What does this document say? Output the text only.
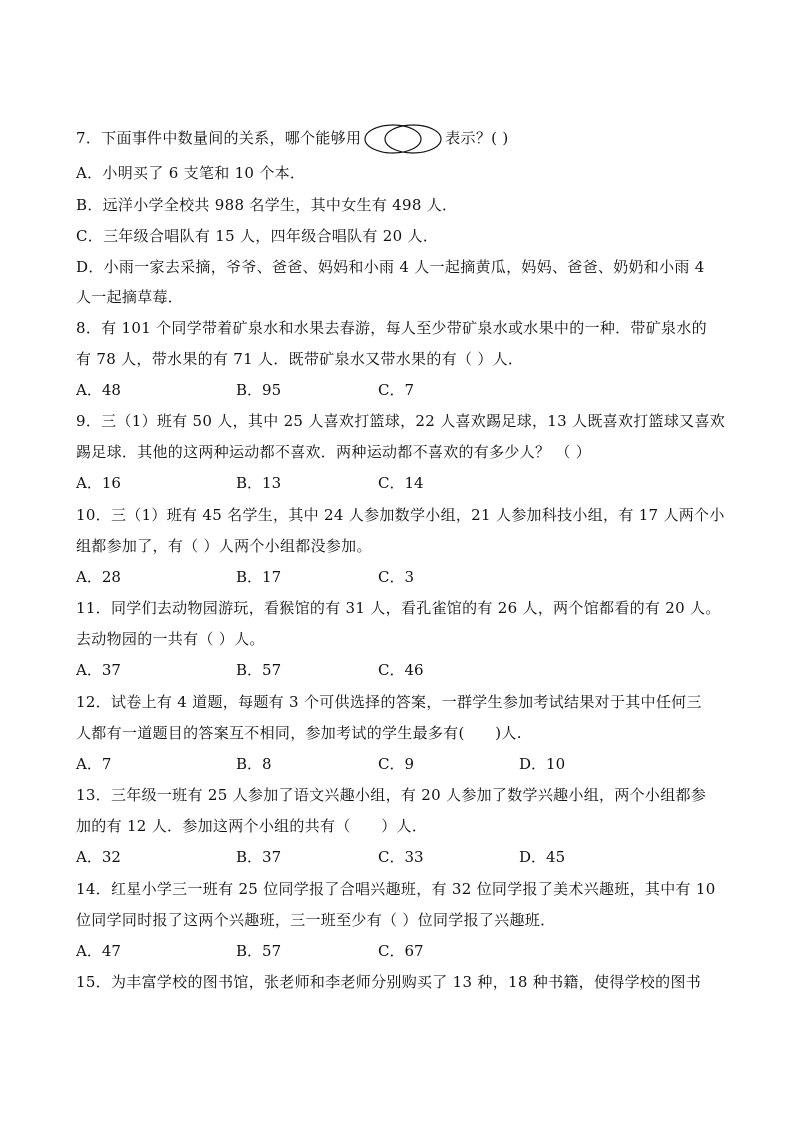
7．下面事件中数量间的关系，哪个能够用	表示？( )
A．小明买了 6 支笔和 10 个本．
B．远洋小学全校共 988 名学生，其中女生有 498 人．
C．三年级合唱队有 15 人，四年级合唱队有 20 人．
D．小雨一家去采摘，爷爷、爸爸、妈妈和小雨 4 人一起摘黄瓜，妈妈、爸爸、奶奶和小雨 4
人一起摘草莓．
8．有 101 个同学带着矿泉水和水果去春游，每人至少带矿泉水或水果中的一种．带矿泉水的
有 78 人，带水果的有 71 人．既带矿泉水又带水果的有（ ）人．
A．48	B．95	C．7
9．三（1）班有 50 人，其中 25 人喜欢打篮球，22 人喜欢踢足球，13 人既喜欢打篮球又喜欢
踢足球．其他的这两种运动都不喜欢．两种运动都不喜欢的有多少人？ （ ）
A．16	B．13	C．14
10．三（1）班有 45 名学生，其中 24 人参加数学小组，21 人参加科技小组，有 17 人两个小
组都参加了，有（ ）人两个小组都没参加。
A．28	B．17	C．3
11．同学们去动物园游玩，看猴馆的有 31 人，看孔雀馆的有 26 人，两个馆都看的有 20 人。
去动物园的一共有（ ）人。
A．37	B．57	C．46
12．试卷上有 4 道题，每题有 3 个可供选择的答案，一群学生参加考试结果对于其中任何三
人都有一道题目的答案互不相同，参加考试的学生最多有(　　)人.
A．7	B．8	C．9	D．10
13．三年级一班有 25 人参加了语文兴趣小组，有 20 人参加了数学兴趣小组，两个小组都参
加的有 12 人．参加这两个小组的共有（　　）人．
A．32	B．37	C．33	D．45
14．红星小学三一班有 25 位同学报了合唱兴趣班，有 32 位同学报了美术兴趣班，其中有 10
位同学同时报了这两个兴趣班，三一班至少有（ ）位同学报了兴趣班．
A．47	B．57	C．67
15．为丰富学校的图书馆，张老师和李老师分别购买了 13 种，18 种书籍，使得学校的图书
